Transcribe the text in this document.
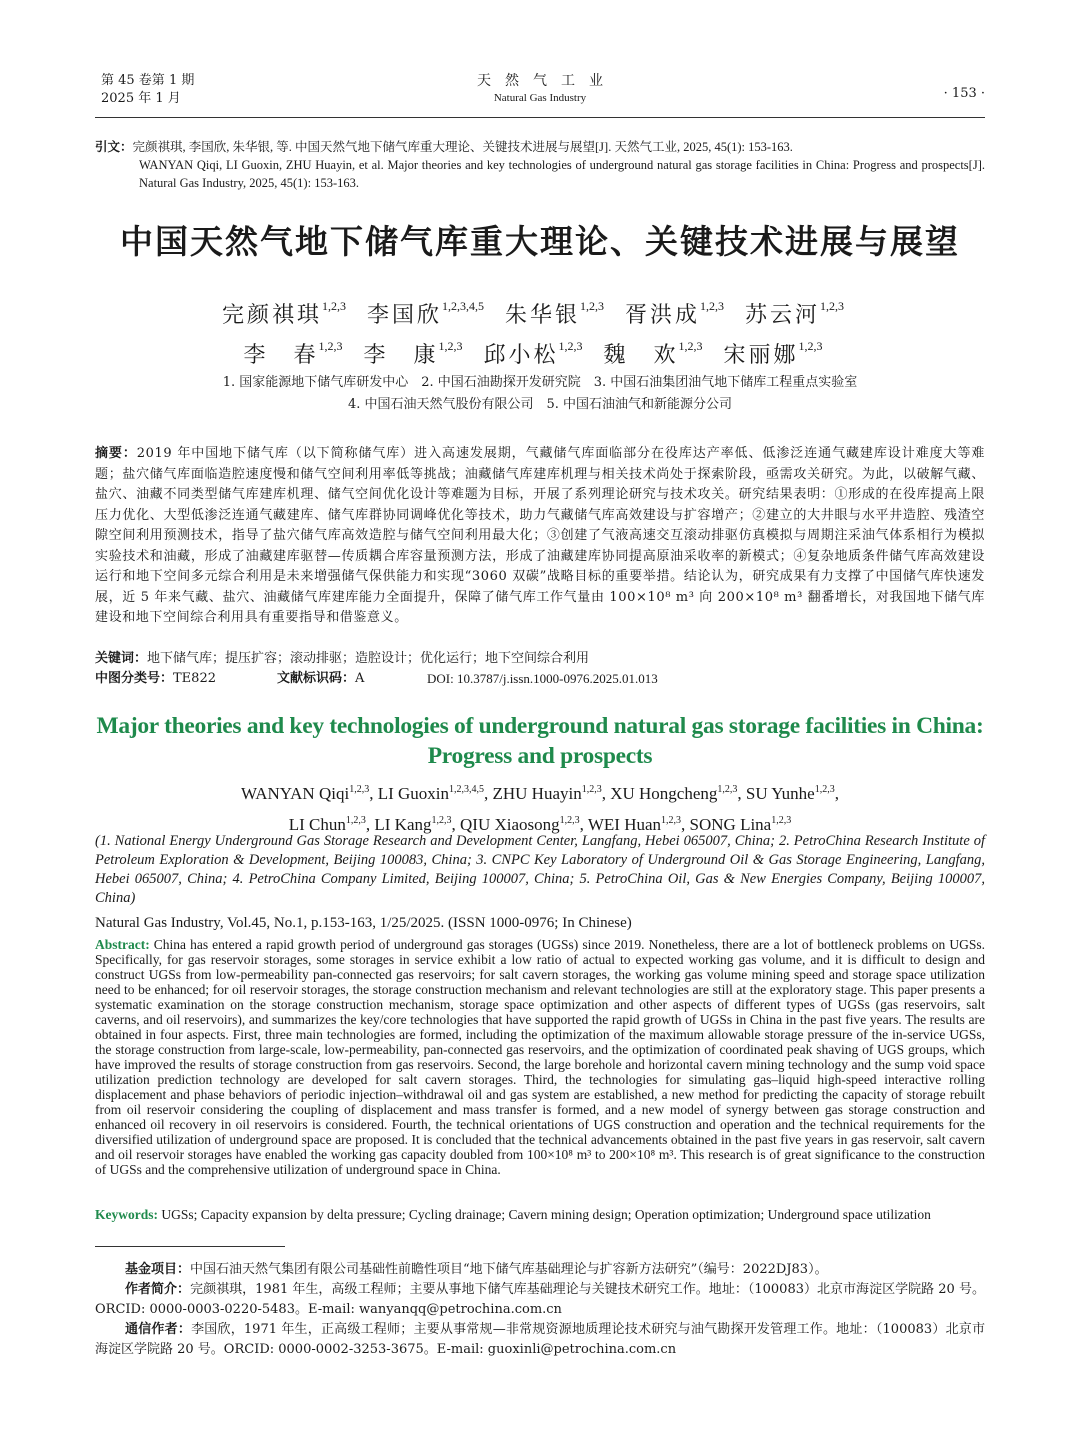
第 45 卷第 1 期
2025 年 1 月
天然气工业
Natural Gas Industry	· 153 ·
引文：完颜祺琪, 李国欣, 朱华银, 等. 中国天然气地下储气库重大理论、关键技术进展与展望[J]. 天然气工业, 2025, 45(1): 153-163.
WANYAN Qiqi, LI Guoxin, ZHU Huayin, et al. Major theories and key technologies of underground natural gas storage facilities in China: Progress and prospects[J]. Natural Gas Industry, 2025, 45(1): 153-163.
中国天然气地下储气库重大理论、关键技术进展与展望
完颜祺琪$^{1,2,3}$ 李国欣$^{1,2,3,4,5}$ 朱华银$^{1,2,3}$ 胥洪成$^{1,2,3}$ 苏云河$^{1,2,3}$
李　春$^{1,2,3}$ 李　康$^{1,2,3}$ 邱小松$^{1,2,3}$ 魏　欢$^{1,2,3}$ 宋丽娜$^{1,2,3}$
1. 国家能源地下储气库研发中心　2. 中国石油勘探开发研究院　3. 中国石油集团油气地下储库工程重点实验室
4. 中国石油天然气股份有限公司　5. 中国石油油气和新能源分公司
摘要：2019 年中国地下储气库（以下简称储气库）进入高速发展期，气藏储气库面临部分在役库达产率低、低渗泛连通气藏建库设计难度大等难题；盐穴储气库面临造腔速度慢和储气空间利用率低等挑战；油藏储气库建库机理与相关技术尚处于探索阶段，亟需攻关研究。为此，以破解气藏、盐穴、油藏不同类型储气库建库机理、储气空间优化设计等难题为目标，开展了系列理论研究与技术攻关。研究结果表明：①形成的在役库提高上限压力优化、大型低渗泛连通气藏建库、储气库群协同调峰优化等技术，助力气藏储气库高效建设与扩容增产；②建立的大井眼与水平井造腔、残渣空隙空间利用预测技术，指导了盐穴储气库高效造腔与储气空间利用最大化；③创建了气液高速交互滚动排驱仿真模拟与周期注采油气体系相行为模拟实验技术和油藏，形成了油藏建库驱替—传质耦合库容量预测方法，形成了油藏建库协同提高原油采收率的新模式；④复杂地质条件储气库高效建设运行和地下空间多元综合利用是未来增强储气保供能力和实现“3060 双碳”战略目标的重要举措。结论认为，研究成果有力支撑了中国储气库快速发展，近 5 年来气藏、盐穴、油藏储气库建库能力全面提升，保障了储气库工作气量由 100×10⁸ m³ 向 200×10⁸ m³ 翻番增长，对我国地下储气库建设和地下空间综合利用具有重要指导和借鉴意义。
关键词：地下储气库；提压扩容；滚动排驱；造腔设计；优化运行；地下空间综合利用
中图分类号：TE822	文献标识码：A	DOI: 10.3787/j.issn.1000-0976.2025.01.013
Major theories and key technologies of underground natural gas storage facilities in China:
Progress and prospects
WANYAN Qiqi$^{1,2,3}$, LI Guoxin$^{1,2,3,4,5}$, ZHU Huayin$^{1,2,3}$, XU Hongcheng$^{1,2,3}$, SU Yunhe$^{1,2,3}$,
LI Chun$^{1,2,3}$, LI Kang$^{1,2,3}$, QIU Xiaosong$^{1,2,3}$, WEI Huan$^{1,2,3}$, SONG Lina$^{1,2,3}$
(1. National Energy Underground Gas Storage Research and Development Center, Langfang, Hebei 065007, China; 2. PetroChina Research Institute of Petroleum Exploration & Development, Beijing 100083, China; 3. CNPC Key Laboratory of Underground Oil & Gas Storage Engineering, Langfang, Hebei 065007, China; 4. PetroChina Company Limited, Beijing 100007, China; 5. PetroChina Oil, Gas & New Energies Company, Beijing 100007, China)
Natural Gas Industry, Vol.45, No.1, p.153-163, 1/25/2025. (ISSN 1000-0976; In Chinese)
Abstract: China has entered a rapid growth period of underground gas storages (UGSs) since 2019. Nonetheless, there are a lot of bottleneck problems on UGSs. Specifically, for gas reservoir storages, some storages in service exhibit a low ratio of actual to expected working gas volume, and it is difficult to design and construct UGSs from low-permeability pan-connected gas reservoirs; for salt cavern storages, the working gas volume mining speed and storage space utilization need to be enhanced; for oil reservoir storages, the storage construction mechanism and relevant technologies are still at the exploratory stage. This paper presents a systematic examination on the storage construction mechanism, storage space optimization and other aspects of different types of UGSs (gas reservoirs, salt caverns, and oil reservoirs), and summarizes the key/core technologies that have supported the rapid growth of UGSs in China in the past five years. The results are obtained in four aspects. First, three main technologies are formed, including the optimization of the maximum allowable storage pressure of the in-service UGSs, the storage construction from large-scale, low-permeability, pan-connected gas reservoirs, and the optimization of coordinated peak shaving of UGS groups, which have improved the results of storage construction from gas reservoirs. Second, the large borehole and horizontal cavern mining technology and the sump void space utilization prediction technology are developed for salt cavern storages. Third, the technologies for simulating gas–liquid high-speed interactive rolling displacement and phase behaviors of periodic injection–withdrawal oil and gas system are established, a new method for predicting the capacity of storage rebuilt from oil reservoir considering the coupling of displacement and mass transfer is formed, and a new model of synergy between gas storage construction and enhanced oil recovery in oil reservoirs is considered. Fourth, the technical orientations of UGS construction and operation and the technical requirements for the diversified utilization of underground space are proposed. It is concluded that the technical advancements obtained in the past five years in gas reservoir, salt cavern and oil reservoir storages have enabled the working gas capacity doubled from 100×10⁸ m³ to 200×10⁸ m³. This research is of great significance to the construction of UGSs and the comprehensive utilization of underground space in China.
Keywords: UGSs; Capacity expansion by delta pressure; Cycling drainage; Cavern mining design; Operation optimization; Underground space utilization
基金项目：中国石油天然气集团有限公司基础性前瞻性项目“地下储气库基础理论与扩容新方法研究”（编号：2022DJ83）。
作者简介：完颜祺琪，1981 年生，高级工程师；主要从事地下储气库基础理论与关键技术研究工作。地址：（100083）北京市海淀区学院路 20 号。ORCID: 0000-0003-0220-5483。E-mail: wanyanqq@petrochina.com.cn
通信作者：李国欣，1971 年生，正高级工程师；主要从事常规—非常规资源地质理论技术研究与油气勘探开发管理工作。地址：（100083）北京市海淀区学院路 20 号。ORCID: 0000-0002-3253-3675。E-mail: guoxinli@petrochina.com.cn
